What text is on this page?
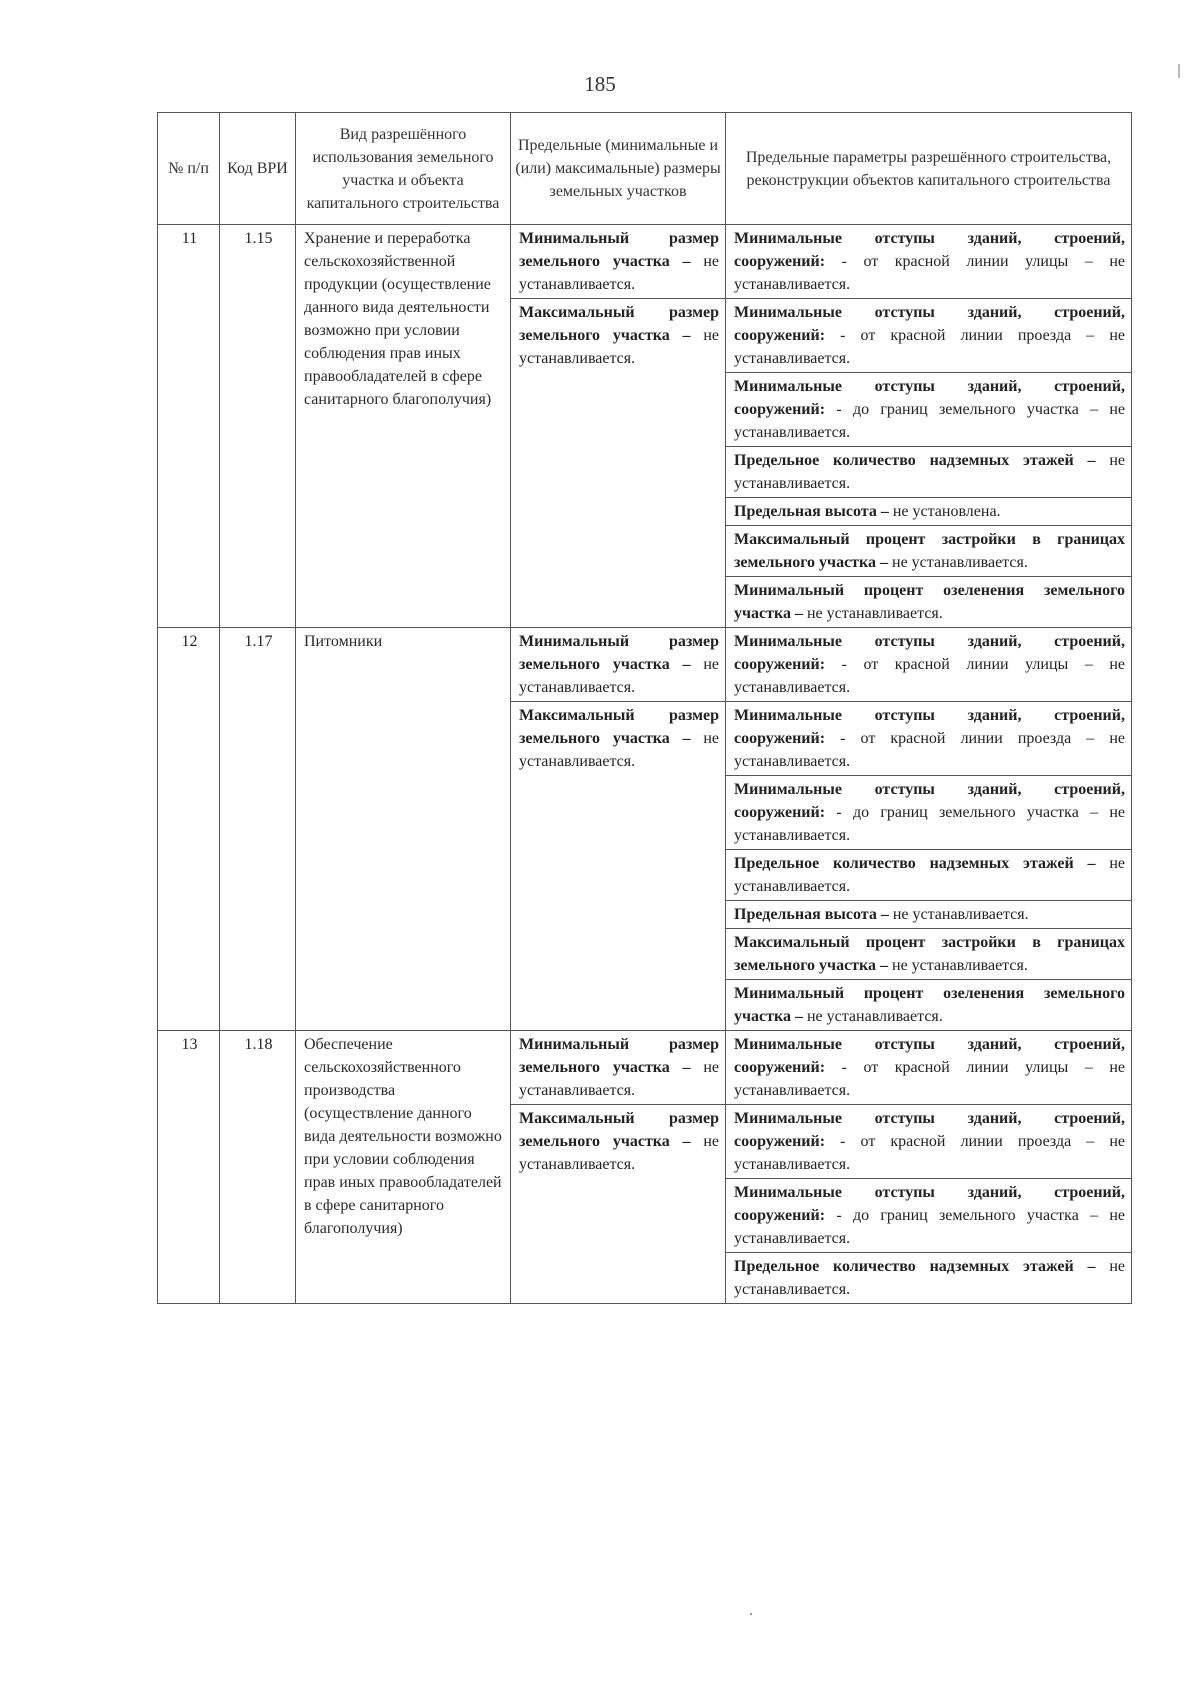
185
№ п/п	Код ВРИ	Вид разрешённого использования земельного участка и объекта капитального строительства	Предельные (минимальные и (или) максимальные) размеры земельных участков	Предельные параметры разрешённого строительства, реконструкции объектов капитального строительства
11	1.15	Хранение и переработка сельскохозяйственной продукции (осуществление данного вида деятельности возможно при условии соблюдения прав иных правообладателей в сфере санитарного благополучия)	Минимальный размер земельного участка – не устанавливается.	Минимальные отступы зданий, строений, сооружений: - от красной линии улицы – не устанавливается.
			Максимальный размер земельного участка – не устанавливается.	Минимальные отступы зданий, строений, сооружений: - от красной линии проезда – не устанавливается.
				Минимальные отступы зданий, строений, сооружений: - до границ земельного участка – не устанавливается.
				Предельное количество надземных этажей – не устанавливается.
				Предельная высота – не установлена.
				Максимальный процент застройки в границах земельного участка – не устанавливается.
				Минимальный процент озеленения земельного участка – не устанавливается.
12	1.17	Питомники	Минимальный размер земельного участка – не устанавливается.	Минимальные отступы зданий, строений, сооружений: - от красной линии улицы – не устанавливается.
			Максимальный размер земельного участка – не устанавливается.	Минимальные отступы зданий, строений, сооружений: - от красной линии проезда – не устанавливается.
				Минимальные отступы зданий, строений, сооружений: - до границ земельного участка – не устанавливается.
				Предельное количество надземных этажей – не устанавливается.
				Предельная высота – не устанавливается.
				Максимальный процент застройки в границах земельного участка – не устанавливается.
				Минимальный процент озеленения земельного участка – не устанавливается.
13	1.18	Обеспечение сельскохозяйственного производства (осуществление данного вида деятельности возможно при условии соблюдения прав иных правообладателей в сфере санитарного благополучия)	Минимальный размер земельного участка – не устанавливается.	Минимальные отступы зданий, строений, сооружений: - от красной линии улицы – не устанавливается.
			Максимальный размер земельного участка – не устанавливается.	Минимальные отступы зданий, строений, сооружений: - от красной линии проезда – не устанавливается.
				Минимальные отступы зданий, строений, сооружений: - до границ земельного участка – не устанавливается.
				Предельное количество надземных этажей – не устанавливается.
